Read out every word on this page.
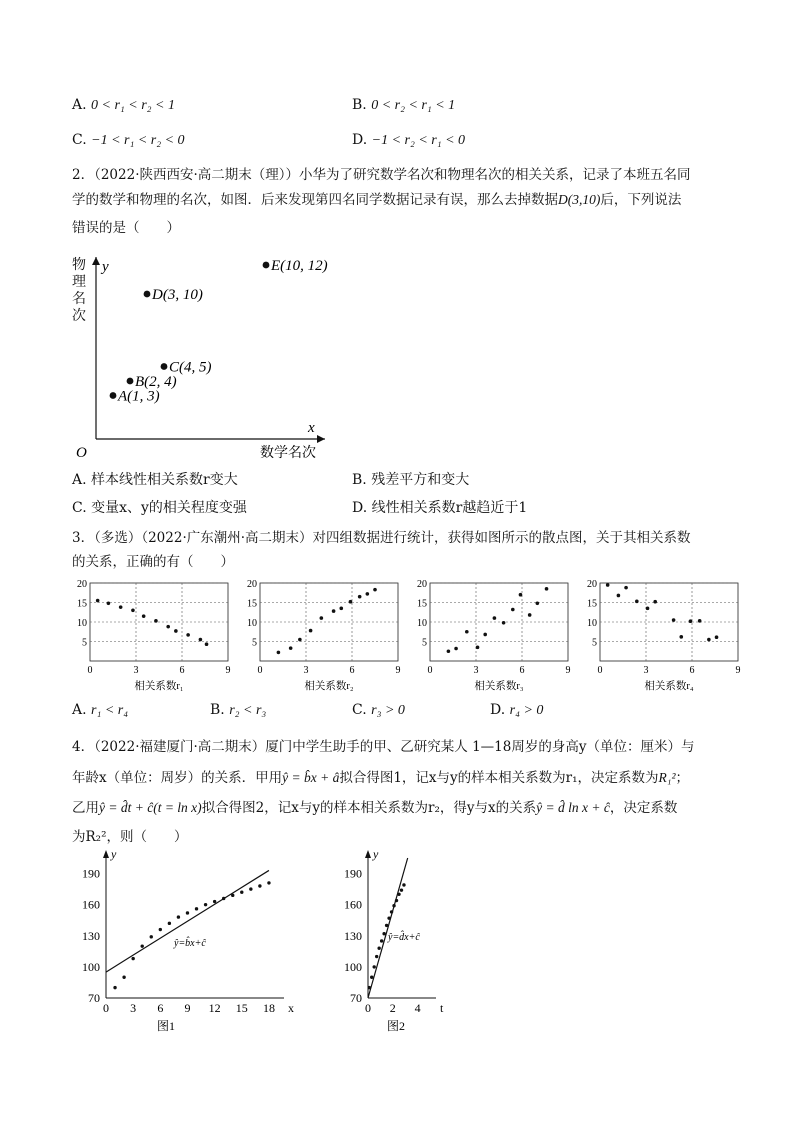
A. 0 < r₁ < r₂ < 1	B. 0 < r₂ < r₁ < 1
C. −1 < r₁ < r₂ < 0	D. −1 < r₂ < r₁ < 0
2．（2022·陕西西安·高二期末（理））小华为了研究数学名次和物理名次的相关关系，记录了本班五名同
学的数学和物理的名次，如图．后来发现第四名同学数据记录有误，那么去掉数据D(3,10)后，下列说法
错误的是（　　）
O
x
y
数学名次
A(1, 3)
B(2, 4)
C(4, 5)
D(3, 10)
E(10, 12)
物理名次
A. 样本线性相关系数r变大	B. 残差平方和变大
C. 变量x、y的相关程度变强	D. 线性相关系数r越趋近于1
3．（多选）（2022·广东潮州·高二期末）对四组数据进行统计，获得如图所示的散点图，关于其相关系数
的关系，正确的有（　　）
5
10
15
20
0	3	6	9
相关系数r₁
5
10
15
20
0	3	6	9
相关系数r₂
5
10
15
20
0	3	6	9
相关系数r₃
5
10
15
20
0	3	6	9
相关系数r₄
A. r₁ < r₄	B. r₂ < r₃	C. r₃ > 0	D. r₄ > 0
4．（2022·福建厦门·高二期末）厦门中学生助手的甲、乙研究某人 1—18周岁的身高y（单位：厘米）与
年龄x（单位：周岁）的关系．甲用ŷ = b̂x + â拟合得图1，记x与y的样本相关系数为r₁，决定系数为R₁²；
乙用ŷ = d̂t + ĉ(t = ln x)拟合得图2，记x与y的样本相关系数为r₂，得y与x的关系ŷ = d̂ ln x + ĉ，决定系数
为R₂²，则（　　）
y
x
70
100
130
160
190
0 3 6 9 12 15 18
ŷ=b̂x+ĉ
图1
y
t
70
100
130
160
190
0 2 4
ŷ=d̂x+ĉ
图2
